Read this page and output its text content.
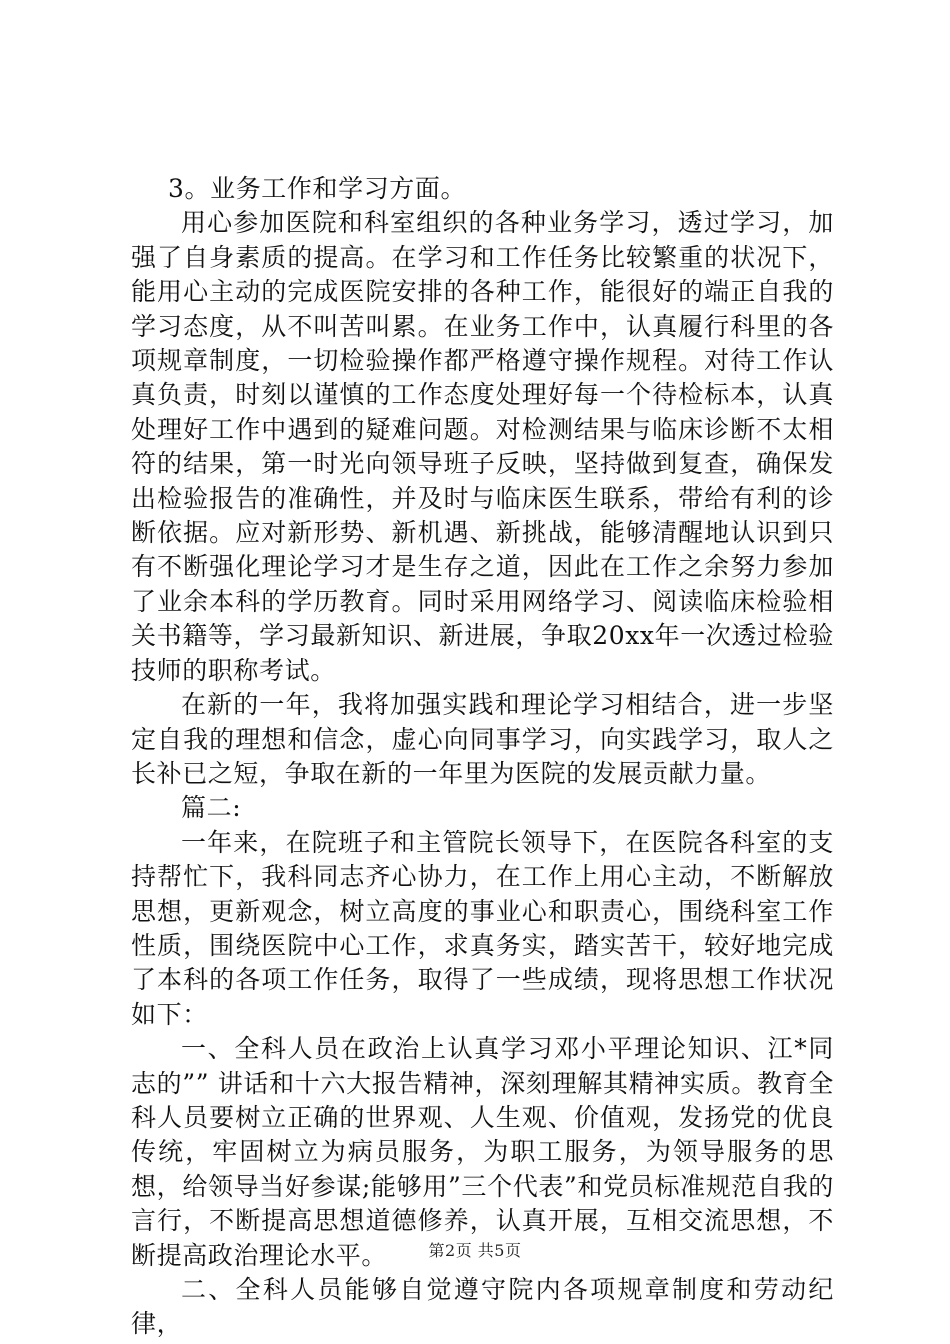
3。业务工作和学习方面。

用心参加医院和科室组织的各种业务学习，透过学习，加强了自身素质的提高。在学习和工作任务比较繁重的状况下，能用心主动的完成医院安排的各种工作，能很好的端正自我的学习态度，从不叫苦叫累。在业务工作中，认真履行科里的各项规章制度，一切检验操作都严格遵守操作规程。对待工作认真负责，时刻以谨慎的工作态度处理好每一个待检标本，认真处理好工作中遇到的疑难问题。对检测结果与临床诊断不太相符的结果，第一时光向领导班子反映，坚持做到复查，确保发出检验报告的准确性，并及时与临床医生联系，带给有利的诊断依据。应对新形势、新机遇、新挑战，能够清醒地认识到只有不断强化理论学习才是生存之道，因此在工作之余努力参加了业余本科的学历教育。同时采用网络学习、阅读临床检验相关书籍等，学习最新知识、新进展，争取20xx年一次透过检验技师的职称考试。

在新的一年，我将加强实践和理论学习相结合，进一步坚定自我的理想和信念，虚心向同事学习，向实践学习，取人之长补已之短，争取在新的一年里为医院的发展贡献力量。

篇二:

一年来，在院班子和主管院长领导下，在医院各科室的支持帮忙下，我科同志齐心协力，在工作上用心主动，不断解放思想，更新观念，树立高度的事业心和职责心，围绕科室工作性质，围绕医院中心工作，求真务实，踏实苦干，较好地完成了本科的各项工作任务，取得了一些成绩，现将思想工作状况如下：

一、全科人员在政治上认真学习邓小平理论知识、江*同志的”” 讲话和十六大报告精神，深刻理解其精神实质。教育全科人员要树立正确的世界观、人生观、价值观，发扬党的优良传统，牢固树立为病员服务，为职工服务，为领导服务的思想，给领导当好参谋;能够用”三个代表”和党员标准规范自我的言行，不断提高思想道德修养，认真开展，互相交流思想，不断提高政治理论水平。

二、全科人员能够自觉遵守院内各项规章制度和劳动纪律，

第2页 共5页
